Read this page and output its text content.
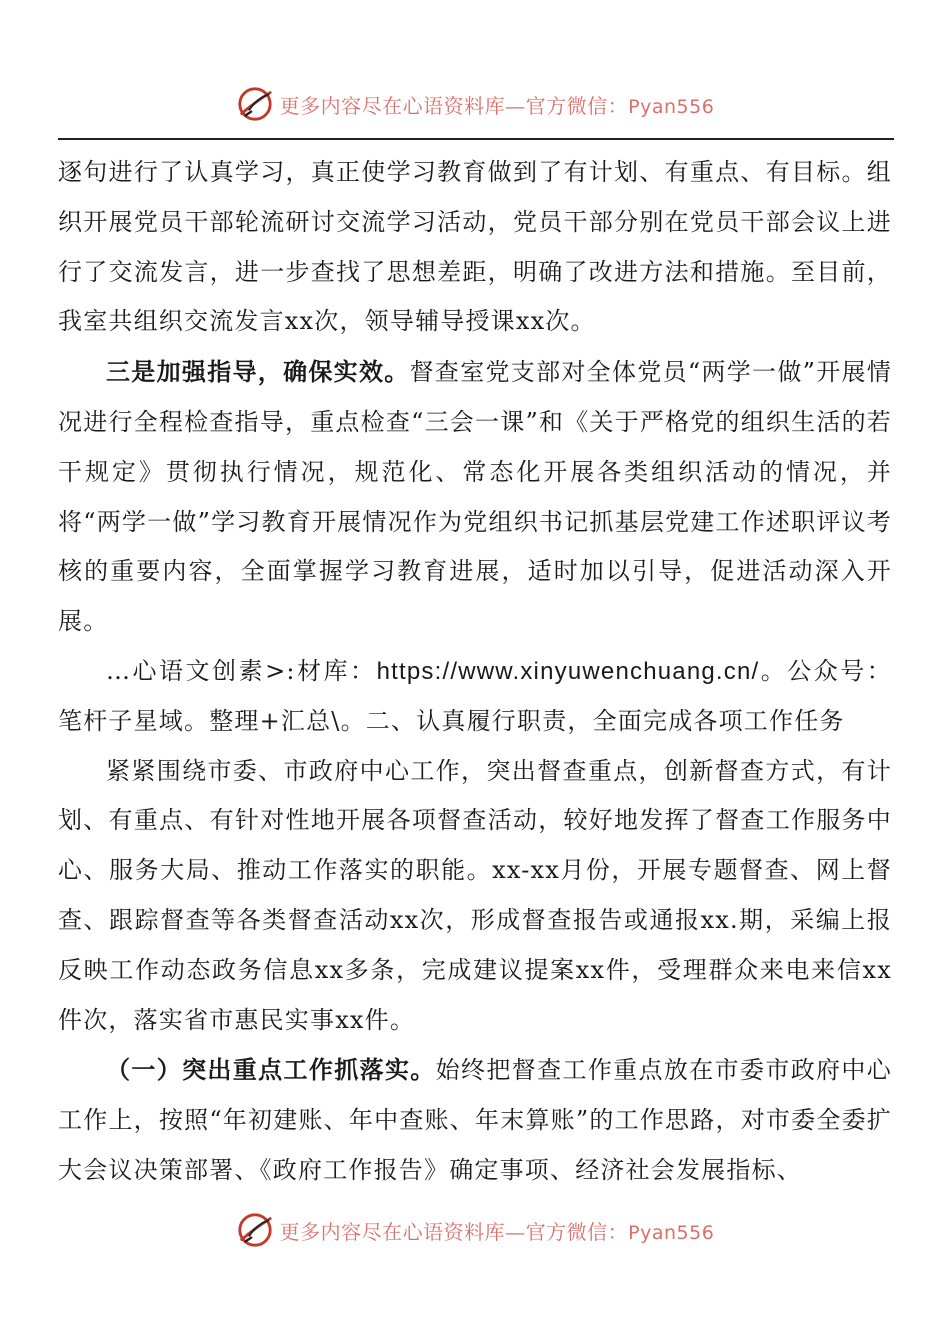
更多内容尽在心语资料库—官方微信：Pyan556

逐句进行了认真学习，真正使学习教育做到了有计划、有重点、有目标。组织开展党员干部轮流研讨交流学习活动，党员干部分别在党员干部会议上进行了交流发言，进一步查找了思想差距，明确了改进方法和措施。至目前，我室共组织交流发言xx次，领导辅导授课xx次。

三是加强指导，确保实效。督查室党支部对全体党员“两学一做”开展情况进行全程检查指导，重点检查“三会一课”和《关于严格党的组织生活的若干规定》贯彻执行情况，规范化、常态化开展各类组织活动的情况，并将“两学一做”学习教育开展情况作为党组织书记抓基层党建工作述职评议考核的重要内容，全面掌握学习教育进展，适时加以引导，促进活动深入开展。

…心语文创素>:材库：https://www.xinyuwenchuang.cn/。公众号：笔杆子星域。整理+汇总\。二、认真履行职责，全面完成各项工作任务

紧紧围绕市委、市政府中心工作，突出督查重点，创新督查方式，有计划、有重点、有针对性地开展各项督查活动，较好地发挥了督查工作服务中心、服务大局、推动工作落实的职能。xx-xx月份，开展专题督查、网上督查、跟踪督查等各类督查活动xx次，形成督查报告或通报xx.期，采编上报反映工作动态政务信息xx多条，完成建议提案xx件，受理群众来电来信xx件次，落实省市惠民实事xx件。

（一）突出重点工作抓落实。始终把督查工作重点放在市委市政府中心工作上，按照“年初建账、年中查账、年末算账”的工作思路，对市委全委扩大会议决策部署、《政府工作报告》确定事项、经济社会发展指标、

更多内容尽在心语资料库—官方微信：Pyan556
